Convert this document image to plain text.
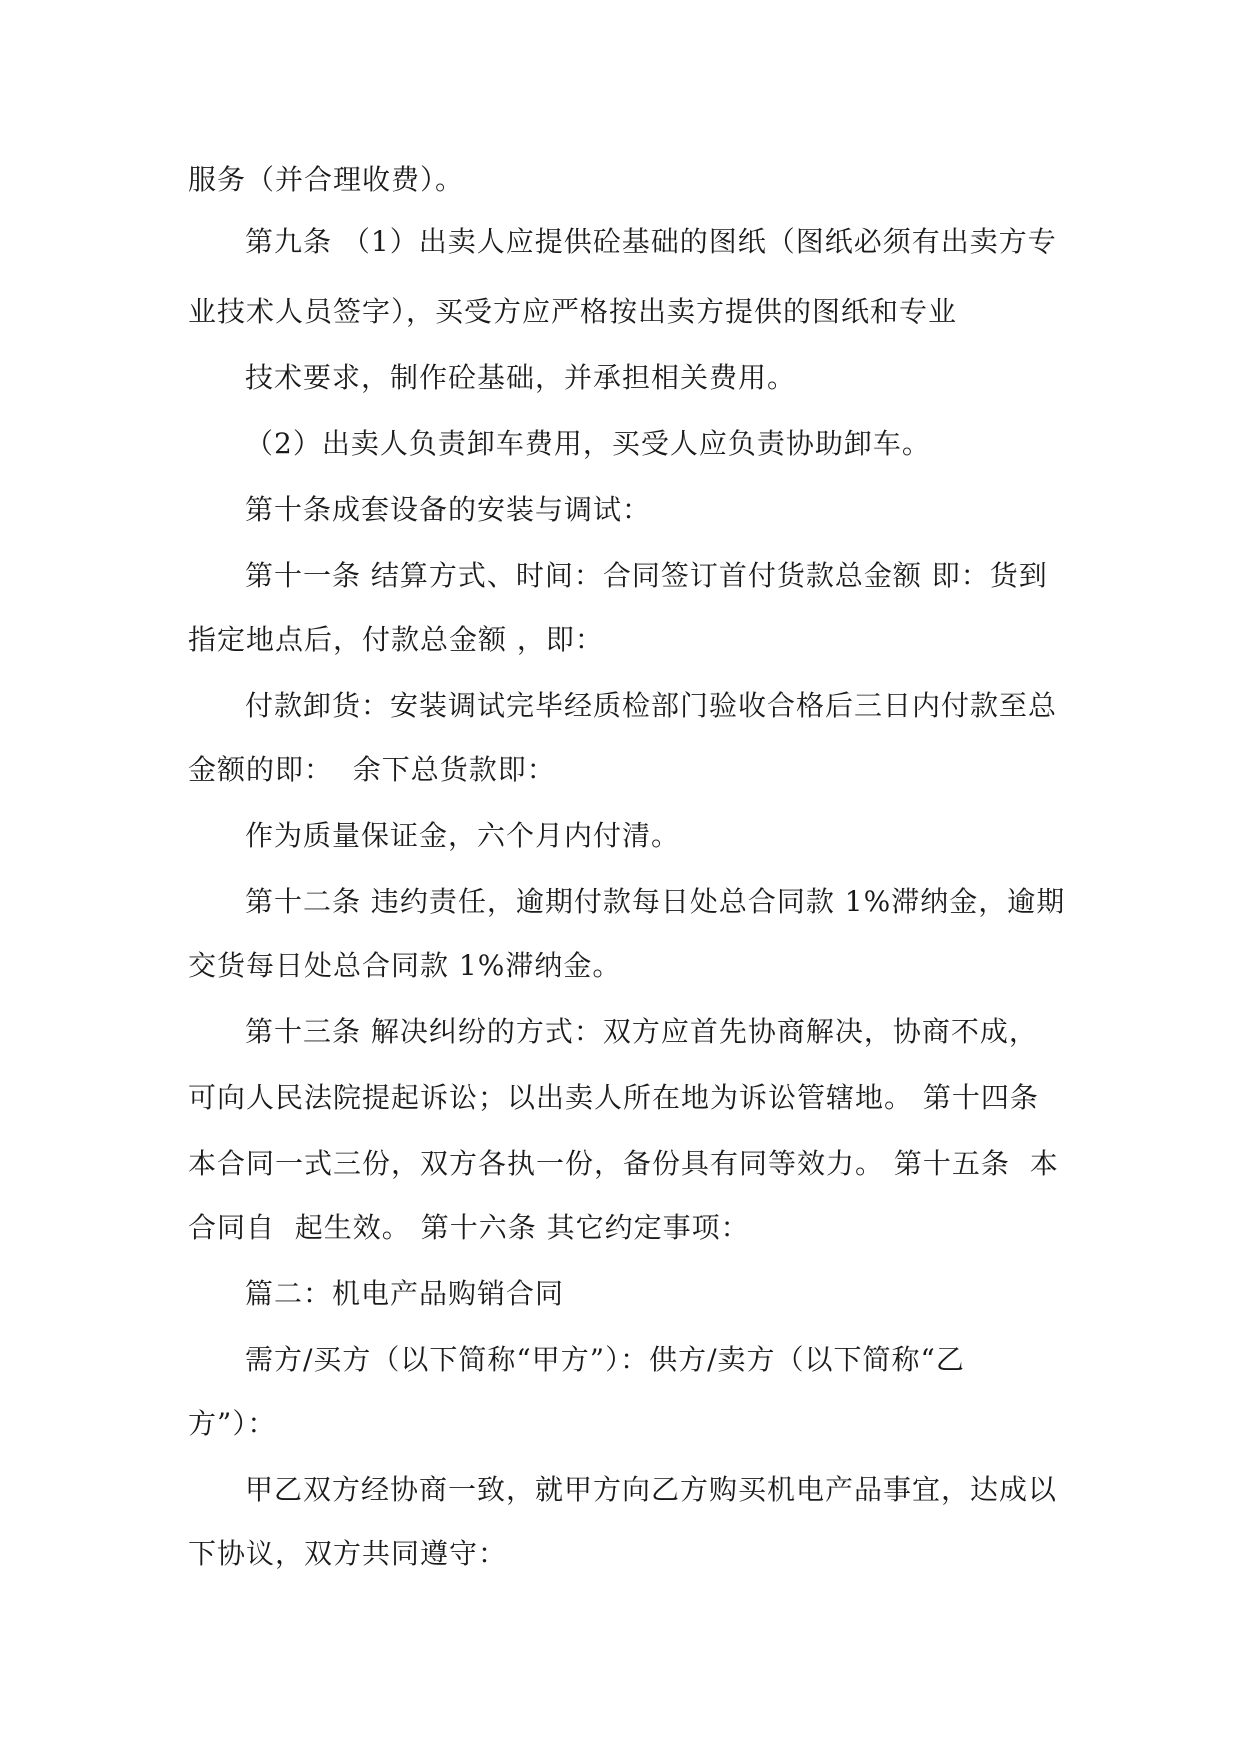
服务（并合理收费）。
第九条 （1）出卖人应提供砼基础的图纸（图纸必须有出卖方专
业技术人员签字），买受方应严格按出卖方提供的图纸和专业
技术要求，制作砼基础，并承担相关费用。
（2）出卖人负责卸车费用，买受人应负责协助卸车。
第十条成套设备的安装与调试：
第十一条 结算方式、时间：合同签订首付货款总金额 即：货到
指定地点后，付款总金额 ，即：
付款卸货：安装调试完毕经质检部门验收合格后三日内付款至总
金额的即：  余下总货款即：
作为质量保证金，六个月内付清。
第十二条 违约责任，逾期付款每日处总合同款 1%滞纳金，逾期
交货每日处总合同款 1%滞纳金。
第十三条 解决纠纷的方式：双方应首先协商解决，协商不成，
可向人民法院提起诉讼；以出卖人所在地为诉讼管辖地。 第十四条
本合同一式三份，双方各执一份，备份具有同等效力。 第十五条  本
合同自  起生效。 第十六条 其它约定事项：
篇二：机电产品购销合同
需方/买方（以下简称“甲方”）：供方/卖方（以下简称“乙
方”）：
甲乙双方经协商一致，就甲方向乙方购买机电产品事宜，达成以
下协议，双方共同遵守：
